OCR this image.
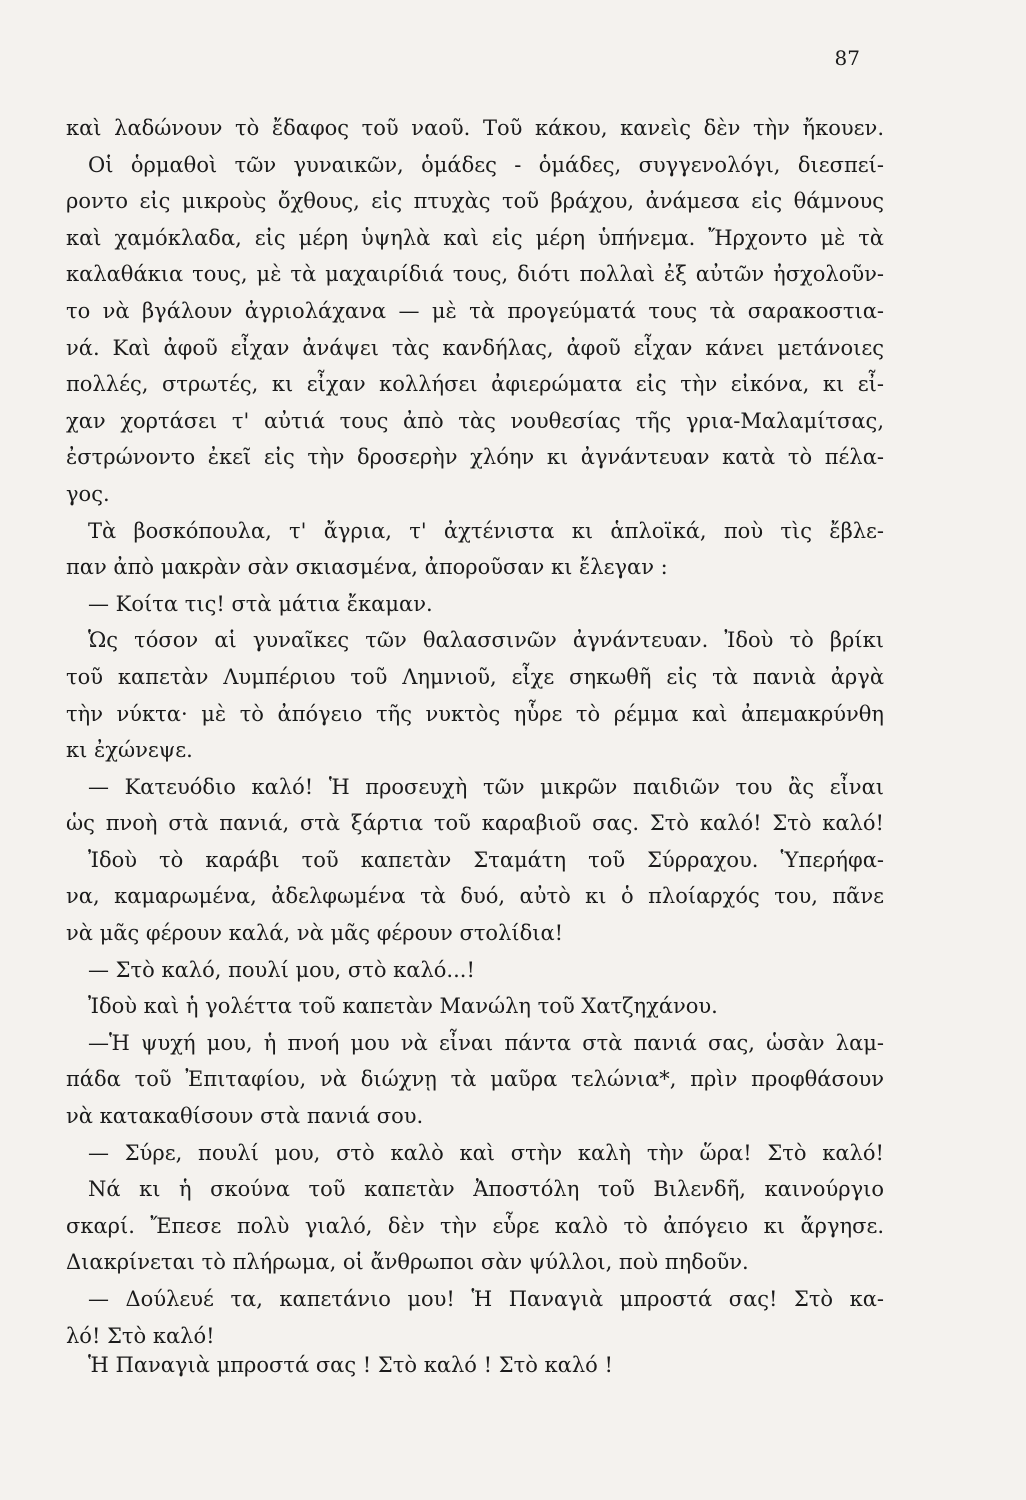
87
καὶ λαδώνουν τὸ ἔδαφος τοῦ ναοῦ. Τοῦ κάκου, κανεὶς δὲν τὴν ἤκουεν.
Οἱ ὁρμαθοὶ τῶν γυναικῶν, ὁμάδες - ὁμάδες, συγγενολόγι, διεσπεί-
ροντο εἰς μικροὺς ὄχθους, εἰς πτυχὰς τοῦ βράχου, ἀνάμεσα εἰς θάμνους
καὶ χαμόκλαδα, εἰς μέρη ὑψηλὰ καὶ εἰς μέρη ὑπήνεμα. Ἤρχοντο μὲ τὰ
καλαθάκια τους, μὲ τὰ μαχαιρίδιά τους, διότι πολλαὶ ἐξ αὐτῶν ἠσχολοῦν-
το νὰ βγάλουν ἀγριολάχανα — μὲ τὰ προγεύματά τους τὰ σαρακοστια-
νά. Καὶ ἀφοῦ εἶχαν ἀνάψει τὰς κανδήλας, ἀφοῦ εἶχαν κάνει μετάνοιες
πολλές, στρωτές, κι εἶχαν κολλήσει ἀφιερώματα εἰς τὴν εἰκόνα, κι εἶ-
χαν χορτάσει τ' αὐτιά τους ἀπὸ τὰς νουθεσίας τῆς γρια-Μαλαμίτσας,
ἐστρώνοντο ἐκεῖ εἰς τὴν δροσερὴν χλόην κι ἀγνάντευαν κατὰ τὸ πέλα-
γος.
Τὰ βοσκόπουλα, τ' ἄγρια, τ' ἀχτένιστα κι ἁπλοϊκά, ποὺ τὶς ἔβλε-
παν ἀπὸ μακρὰν σὰν σκιασμένα, ἀποροῦσαν κι ἔλεγαν :
— Κοίτα τις! στὰ μάτια ἔκαμαν.
Ὡς τόσον αἱ γυναῖκες τῶν θαλασσινῶν ἀγνάντευαν. Ἰδοὺ τὸ βρίκι
τοῦ καπετὰν Λυμπέριου τοῦ Λημνιοῦ, εἶχε σηκωθῆ εἰς τὰ πανιὰ ἀργὰ
τὴν νύκτα· μὲ τὸ ἀπόγειο τῆς νυκτὸς ηὗρε τὸ ρέμμα καὶ ἀπεμακρύνθη
κι ἐχώνεψε.
— Κατευόδιο καλό! Ἡ προσευχὴ τῶν μικρῶν παιδιῶν του ἂς εἶναι
ὡς πνοὴ στὰ πανιά, στὰ ξάρτια τοῦ καραβιοῦ σας. Στὸ καλό! Στὸ καλό!
Ἰδοὺ τὸ καράβι τοῦ καπετὰν Σταμάτη τοῦ Σύρραχου. Ὑπερήφα-
να, καμαρωμένα, ἀδελφωμένα τὰ δυό, αὐτὸ κι ὁ πλοίαρχός του, πᾶνε
νὰ μᾶς φέρουν καλά, νὰ μᾶς φέρουν στολίδια!
— Στὸ καλό, πουλί μου, στὸ καλό...!
Ἰδοὺ καὶ ἡ γολέττα τοῦ καπετὰν Μανώλη τοῦ Χατζηχάνου.
—Ἡ ψυχή μου, ἡ πνοή μου νὰ εἶναι πάντα στὰ πανιά σας, ὡσὰν λαμ-
πάδα τοῦ Ἐπιταφίου, νὰ διώχνῃ τὰ μαῦρα τελώνια*, πρὶν προφθάσουν
νὰ κατακαθίσουν στὰ πανιά σου.
— Σύρε, πουλί μου, στὸ καλὸ καὶ στὴν καλὴ τὴν ὥρα! Στὸ καλό!
Νά κι ἡ σκούνα τοῦ καπετὰν Ἀποστόλη τοῦ Βιλενδῆ, καινούργιο
σκαρί. Ἔπεσε πολὺ γιαλό, δὲν τὴν εὗρε καλὸ τὸ ἀπόγειο κι ἄργησε.
Διακρίνεται τὸ πλήρωμα, οἱ ἄνθρωποι σὰν ψύλλοι, ποὺ πηδοῦν.
— Δούλευέ τα, καπετάνιο μου! Ἡ Παναγιὰ μπροστά σας! Στὸ κα-
λό! Στὸ καλό!
Ἡ Παναγιὰ μπροστά σας ! Στὸ καλό ! Στὸ καλό !
